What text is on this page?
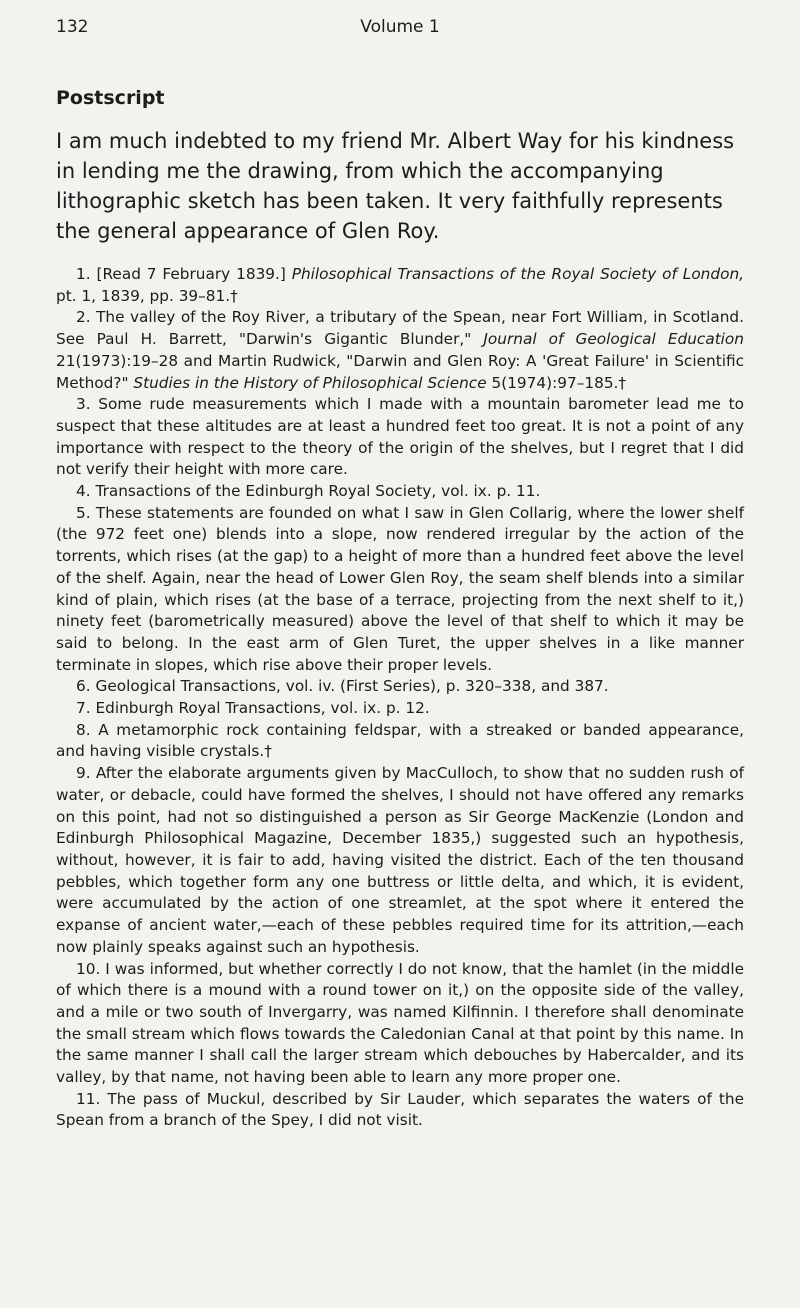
132	Volume 1
Postscript

I am much indebted to my friend Mr. Albert Way for his kindness in lending me the drawing, from which the accompanying lithographic sketch has been taken. It very faithfully represents the general appearance of Glen Roy.

1. [Read 7 February 1839.] Philosophical Transactions of the Royal Society of London, pt. 1, 1839, pp. 39–81.†

2. The valley of the Roy River, a tributary of the Spean, near Fort William, in Scotland. See Paul H. Barrett, "Darwin's Gigantic Blunder," Journal of Geological Education 21(1973):19–28 and Martin Rudwick, "Darwin and Glen Roy: A 'Great Failure' in Scientific Method?" Studies in the History of Philosophical Science 5(1974):97–185.†

3. Some rude measurements which I made with a mountain barometer lead me to suspect that these altitudes are at least a hundred feet too great. It is not a point of any importance with respect to the theory of the origin of the shelves, but I regret that I did not verify their height with more care.

4. Transactions of the Edinburgh Royal Society, vol. ix. p. 11.

5. These statements are founded on what I saw in Glen Collarig, where the lower shelf (the 972 feet one) blends into a slope, now rendered irregular by the action of the torrents, which rises (at the gap) to a height of more than a hundred feet above the level of the shelf. Again, near the head of Lower Glen Roy, the seam shelf blends into a similar kind of plain, which rises (at the base of a terrace, projecting from the next shelf to it,) ninety feet (barometrically measured) above the level of that shelf to which it may be said to belong. In the east arm of Glen Turet, the upper shelves in a like manner terminate in slopes, which rise above their proper levels.

6. Geological Transactions, vol. iv. (First Series), p. 320–338, and 387.

7. Edinburgh Royal Transactions, vol. ix. p. 12.

8. A metamorphic rock containing feldspar, with a streaked or banded appearance, and having visible crystals.†

9. After the elaborate arguments given by MacCulloch, to show that no sudden rush of water, or debacle, could have formed the shelves, I should not have offered any remarks on this point, had not so distinguished a person as Sir George MacKenzie (London and Edinburgh Philosophical Magazine, December 1835,) suggested such an hypothesis, without, however, it is fair to add, having visited the district. Each of the ten thousand pebbles, which together form any one buttress or little delta, and which, it is evident, were accumulated by the action of one streamlet, at the spot where it entered the expanse of ancient water,—each of these pebbles required time for its attrition,—each now plainly speaks against such an hypothesis.

10. I was informed, but whether correctly I do not know, that the hamlet (in the middle of which there is a mound with a round tower on it,) on the opposite side of the valley, and a mile or two south of Invergarry, was named Kilfinnin. I therefore shall denominate the small stream which flows towards the Caledonian Canal at that point by this name. In the same manner I shall call the larger stream which debouches by Habercalder, and its valley, by that name, not having been able to learn any more proper one.

11. The pass of Muckul, described by Sir Lauder, which separates the waters of the Spean from a branch of the Spey, I did not visit.
